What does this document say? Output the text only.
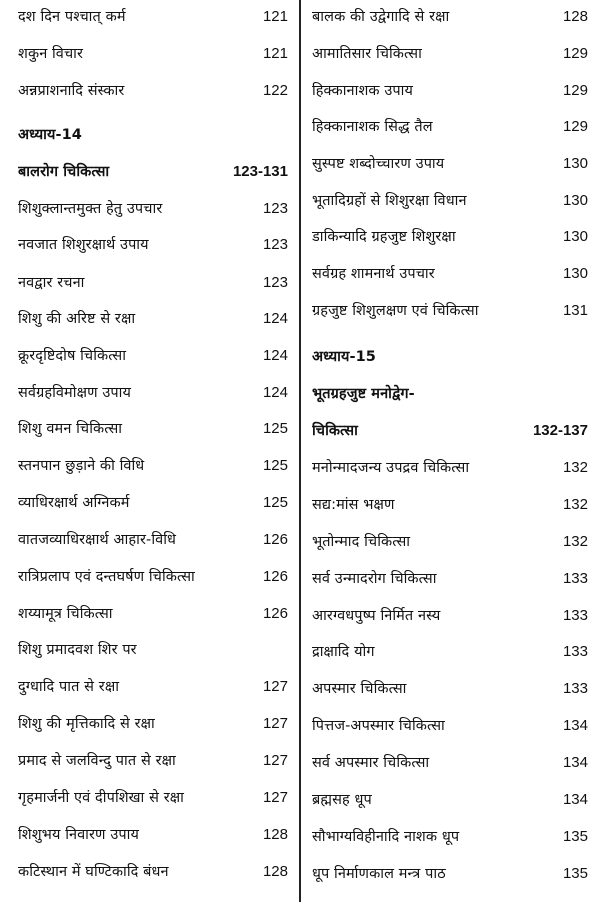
दश दिन पश्चात् कर्म	121
शकुन विचार	121
अन्नप्राशनादि संस्कार	122
अध्याय-14
बालरोग चिकित्सा	123-131
शिशुक्लान्तमुक्त हेतु उपचार	123
नवजात शिशुरक्षार्थ उपाय	123
नवद्वार रचना	123
शिशु की अरिष्ट से रक्षा	124
क्रूरदृष्टिदोष चिकित्सा	124
सर्वग्रहविमोक्षण उपाय	124
शिशु वमन चिकित्सा	125
स्तनपान छुड़ाने की विधि	125
व्याधिरक्षार्थ अग्निकर्म	125
वातजव्याधिरक्षार्थ आहार-विधि	126
रात्रिप्रलाप एवं दन्तघर्षण चिकित्सा	126
शय्यामूत्र चिकित्सा	126
शिशु प्रमादवश शिर पर
दुग्धादि पात से रक्षा	127
शिशु की मृत्तिकादि से रक्षा	127
प्रमाद से जलविन्दु पात से रक्षा	127
गृहमार्जनी एवं दीपशिखा से रक्षा	127
शिशुभय निवारण उपाय	128
कटिस्थान में घण्टिकादि बंधन	128
बालक की उद्वेगादि से रक्षा	128
आमातिसार चिकित्सा	129
हिक्कानाशक उपाय	129
हिक्कानाशक सिद्ध तैल	129
सुस्पष्ट शब्दोच्चारण उपाय	130
भूतादिग्रहों से शिशुरक्षा विधान	130
डाकिन्यादि ग्रहजुष्ट शिशुरक्षा	130
सर्वग्रह शामनार्थ उपचार	130
ग्रहजुष्ट शिशुलक्षण एवं चिकित्सा	131
अध्याय-15
भूतग्रहजुष्ट मनोद्वेग-
चिकित्सा	132-137
मनोन्मादजन्य उपद्रव चिकित्सा	132
सद्य:मांस भक्षण	132
भूतोन्माद चिकित्सा	132
सर्व उन्मादरोग चिकित्सा	133
आरग्वधपुष्प निर्मित नस्य	133
द्राक्षादि योग	133
अपस्मार चिकित्सा	133
पित्तज-अपस्मार चिकित्सा	134
सर्व अपस्मार चिकित्सा	134
ब्रह्मसह धूप	134
सौभाग्यविहीनादि नाशक धूप	135
धूप निर्माणकाल मन्त्र पाठ	135
